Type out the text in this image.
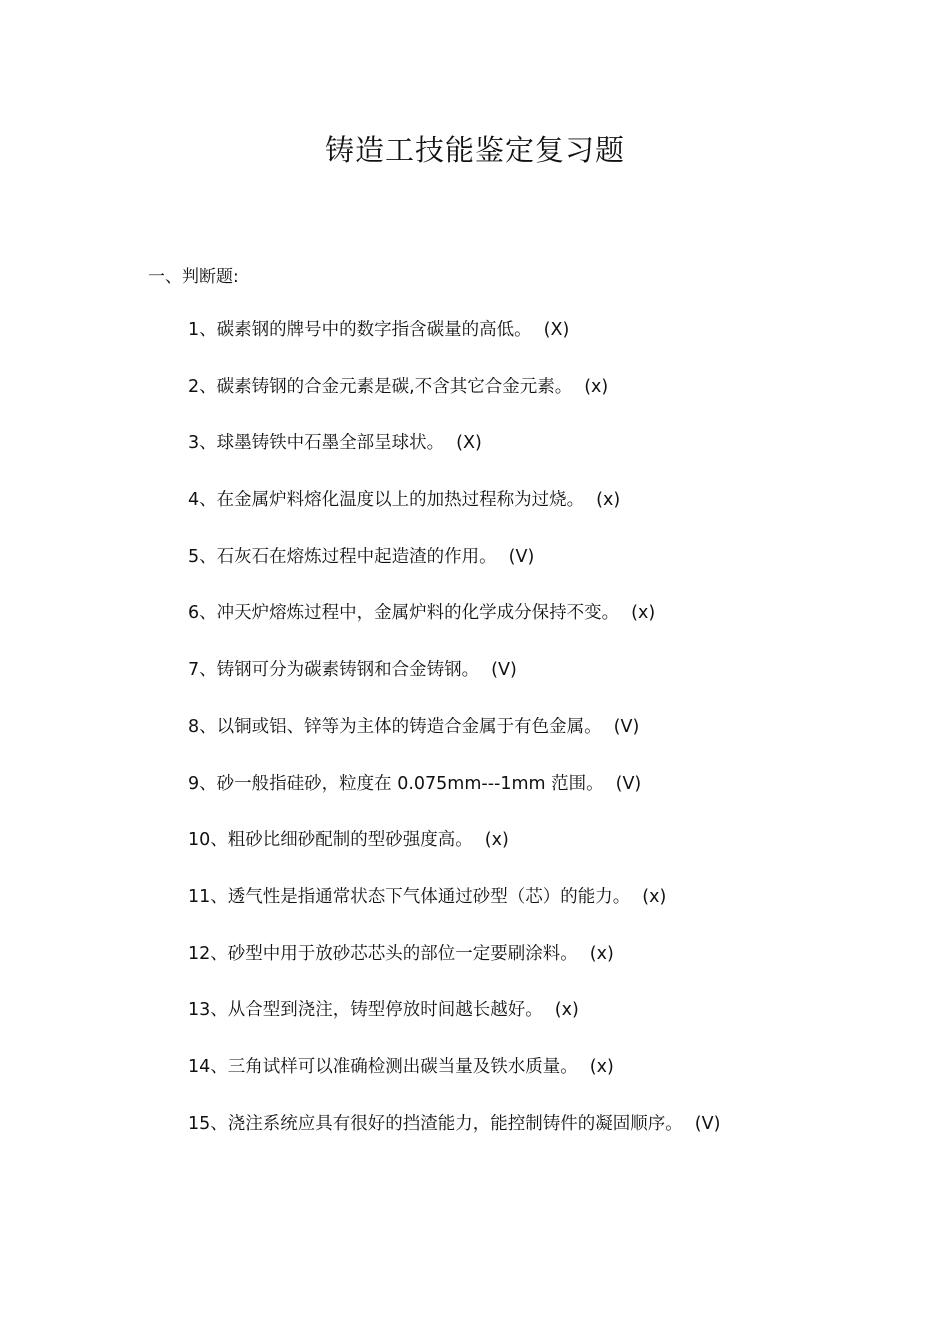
铸造工技能鉴定复习题

一、判断题:

1、碳素钢的牌号中的数字指含碳量的高低。 (X)
2、碳素铸钢的合金元素是碳,不含其它合金元素。 (x)
3、球墨铸铁中石墨全部呈球状。 (X)
4、在金属炉料熔化温度以上的加热过程称为过烧。 (x)
5、石灰石在熔炼过程中起造渣的作用。 (V)
6、冲天炉熔炼过程中，金属炉料的化学成分保持不变。 (x)
7、铸钢可分为碳素铸钢和合金铸钢。 (V)
8、以铜或铝、锌等为主体的铸造合金属于有色金属。 (V)
9、砂一般指硅砂，粒度在 0.075mm---1mm 范围。 (V)
10、粗砂比细砂配制的型砂强度高。 (x)
11、透气性是指通常状态下气体通过砂型（芯）的能力。 (x)
12、砂型中用于放砂芯芯头的部位一定要刷涂料。 (x)
13、从合型到浇注，铸型停放时间越长越好。 (x)
14、三角试样可以准确检测出碳当量及铁水质量。 (x)
15、浇注系统应具有很好的挡渣能力，能控制铸件的凝固顺序。 (V)
